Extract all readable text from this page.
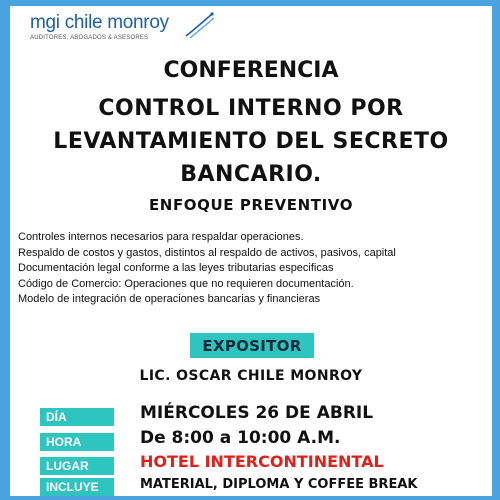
mgi chile monroy
AUDITORES, ABOGADOS & ASESORES
CONFERENCIA
CONTROL INTERNO POR
LEVANTAMIENTO DEL SECRETO
BANCARIO.
ENFOQUE PREVENTIVO
Controles internos necesarios para respaldar operaciones.
Respaldo de costos y gastos, distintos al respaldo de activos, pasivos, capital
Documentación legal conforme a las leyes tributarias especificas
Código de Comercio: Operaciones que no requieren documentación.
Modelo de integración de operaciones bancarias y financieras
EXPOSITOR
LIC. OSCAR CHILE MONROY
DÍA	MIÉRCOLES 26 DE ABRIL
HORA	De 8:00 a 10:00 A.M.
LUGAR	HOTEL INTERCONTINENTAL
INCLUYE	MATERIAL, DIPLOMA Y COFFEE BREAK
